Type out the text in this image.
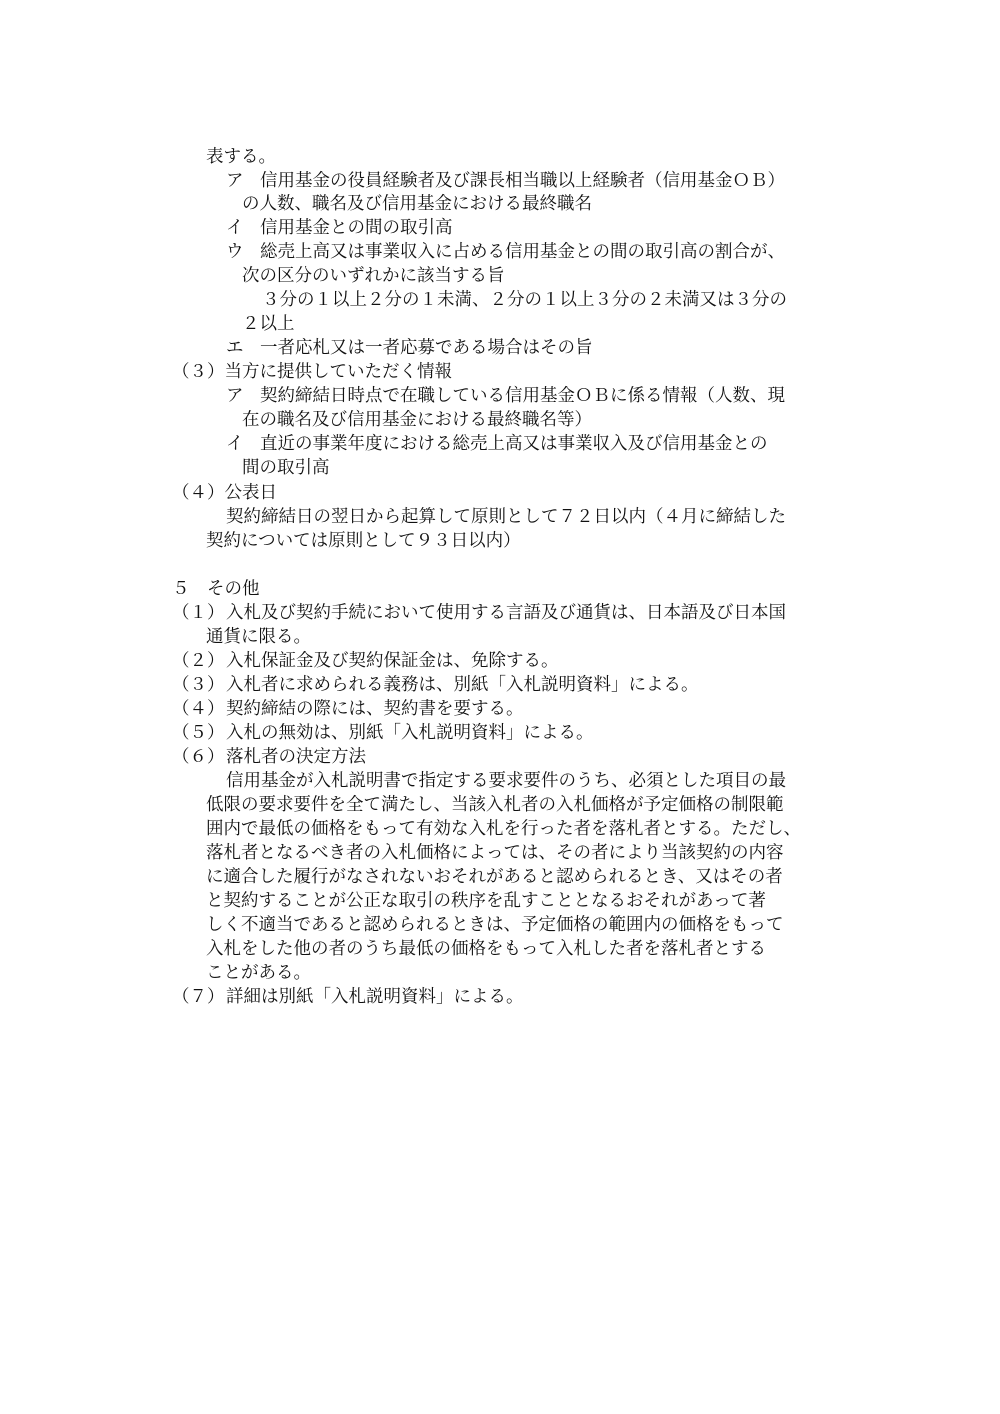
表する。
ア 信用基金の役員経験者及び課長相当職以上経験者（信用基金ＯＢ）
の人数、職名及び信用基金における最終職名
イ 信用基金との間の取引高
ウ 総売上高又は事業収入に占める信用基金との間の取引高の割合が、
次の区分のいずれかに該当する旨
３分の１以上２分の１未満、２分の１以上３分の２未満又は３分の
２以上
エ 一者応札又は一者応募である場合はその旨
（３）当方に提供していただく情報
ア 契約締結日時点で在職している信用基金ＯＢに係る情報（人数、現
在の職名及び信用基金における最終職名等）
イ 直近の事業年度における総売上高又は事業収入及び信用基金との
間の取引高
（４）公表日
契約締結日の翌日から起算して原則として７２日以内（４月に締結した
契約については原則として９３日以内）
５　その他
（１） 入札及び契約手続において使用する言語及び通貨は、日本語及び日本国
通貨に限る。
（２） 入札保証金及び契約保証金は、免除する。
（３） 入札者に求められる義務は、別紙「入札説明資料」による。
（４） 契約締結の際には、契約書を要する。
（５） 入札の無効は、別紙「入札説明資料」による。
（６） 落札者の決定方法
信用基金が入札説明書で指定する要求要件のうち、必須とした項目の最
低限の要求要件を全て満たし、当該入札者の入札価格が予定価格の制限範
囲内で最低の価格をもって有効な入札を行った者を落札者とする。ただし、
落札者となるべき者の入札価格によっては、その者により当該契約の内容
に適合した履行がなされないおそれがあると認められるとき、又はその者
と契約することが公正な取引の秩序を乱すこととなるおそれがあって著
しく不適当であると認められるときは、予定価格の範囲内の価格をもって
入札をした他の者のうち最低の価格をもって入札した者を落札者とする
ことがある。
（７） 詳細は別紙「入札説明資料」による。
